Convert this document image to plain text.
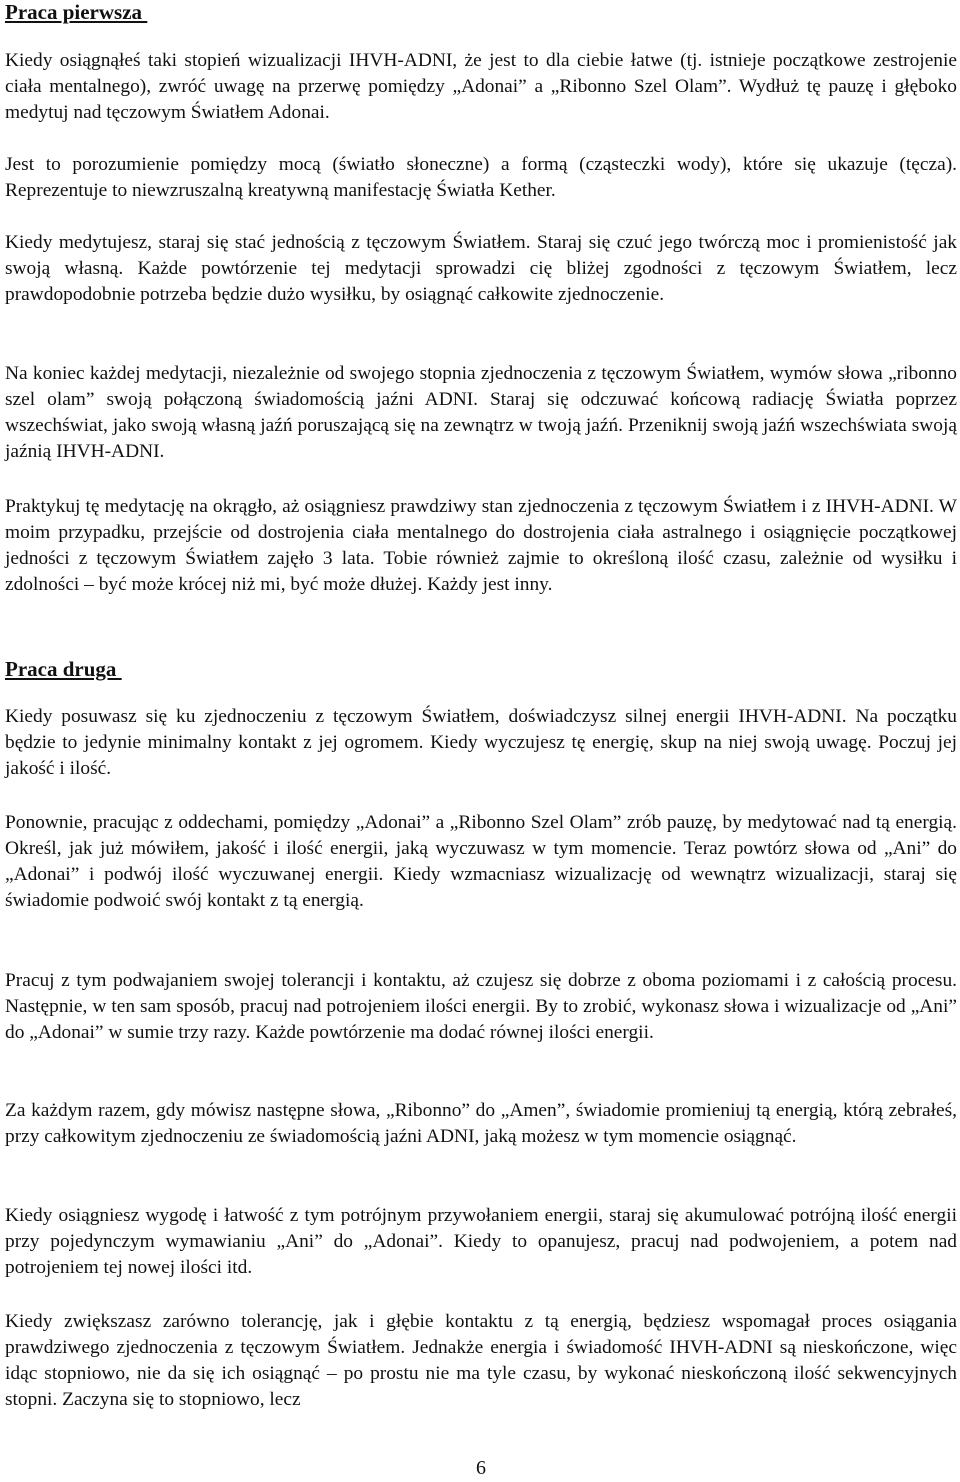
Praca pierwsza

Kiedy osiągnąłeś taki stopień wizualizacji IHVH-ADNI, że jest to dla ciebie łatwe (tj. istnieje początkowe zestrojenie ciała mentalnego), zwróć uwagę na przerwę pomiędzy „Adonai” a „Ribonno Szel Olam”. Wydłuż tę pauzę i głęboko medytuj nad tęczowym Światłem Adonai.

Jest to porozumienie pomiędzy mocą (światło słoneczne) a formą (cząsteczki wody), które się ukazuje (tęcza). Reprezentuje to niewzruszalną kreatywną manifestację Światła Kether.

Kiedy medytujesz, staraj się stać jednością z tęczowym Światłem. Staraj się czuć jego twórczą moc i promienistość jak swoją własną. Każde powtórzenie tej medytacji sprowadzi cię bliżej zgodności z tęczowym Światłem, lecz prawdopodobnie potrzeba będzie dużo wysiłku, by osiągnąć całkowite zjednoczenie.

Na koniec każdej medytacji, niezależnie od swojego stopnia zjednoczenia z tęczowym Światłem, wymów słowa „ribonno szel olam” swoją połączoną świadomością jaźni ADNI. Staraj się odczuwać końcową radiację Światła poprzez wszechświat, jako swoją własną jaźń poruszającą się na zewnątrz w twoją jaźń. Przeniknij swoją jaźń wszechświata swoją jaźnią IHVH-ADNI.

Praktykuj tę medytację na okrągło, aż osiągniesz prawdziwy stan zjednoczenia z tęczowym Światłem i z IHVH-ADNI. W moim przypadku, przejście od dostrojenia ciała mentalnego do dostrojenia ciała astralnego i osiągnięcie początkowej jedności z tęczowym Światłem zajęło 3 lata. Tobie również zajmie to określoną ilość czasu, zależnie od wysiłku i zdolności – być może krócej niż mi, być może dłużej. Każdy jest inny.

Praca druga

Kiedy posuwasz się ku zjednoczeniu z tęczowym Światłem, doświadczysz silnej energii IHVH-ADNI. Na początku będzie to jedynie minimalny kontakt z jej ogromem. Kiedy wyczujesz tę energię, skup na niej swoją uwagę. Poczuj jej jakość i ilość.

Ponownie, pracując z oddechami, pomiędzy „Adonai” a „Ribonno Szel Olam” zrób pauzę, by medytować nad tą energią. Określ, jak już mówiłem, jakość i ilość energii, jaką wyczuwasz w tym momencie. Teraz powtórz słowa od „Ani” do „Adonai” i podwój ilość wyczuwanej energii. Kiedy wzmacniasz wizualizację od wewnątrz wizualizacji, staraj się świadomie podwoić swój kontakt z tą energią.

Pracuj z tym podwajaniem swojej tolerancji i kontaktu, aż czujesz się dobrze z oboma poziomami i z całością procesu. Następnie, w ten sam sposób, pracuj nad potrojeniem ilości energii. By to zrobić, wykonasz słowa i wizualizacje od „Ani” do „Adonai” w sumie trzy razy. Każde powtórzenie ma dodać równej ilości energii.

Za każdym razem, gdy mówisz następne słowa, „Ribonno” do „Amen”, świadomie promieniuj tą energią, którą zebrałeś, przy całkowitym zjednoczeniu ze świadomością jaźni ADNI, jaką możesz w tym momencie osiągnąć.

Kiedy osiągniesz wygodę i łatwość z tym potrójnym przywołaniem energii, staraj się akumulować potrójną ilość energii przy pojedynczym wymawianiu „Ani” do „Adonai”. Kiedy to opanujesz, pracuj nad podwojeniem, a potem nad potrojeniem tej nowej ilości itd.

Kiedy zwiększasz zarówno tolerancję, jak i głębie kontaktu z tą energią, będziesz wspomagał proces osiągania prawdziwego zjednoczenia z tęczowym Światłem. Jednakże energia i świadomość IHVH-ADNI są nieskończone, więc idąc stopniowo, nie da się ich osiągnąć – po prostu nie ma tyle czasu, by wykonać nieskończoną ilość sekwencyjnych stopni. Zaczyna się to stopniowo, lecz

6
